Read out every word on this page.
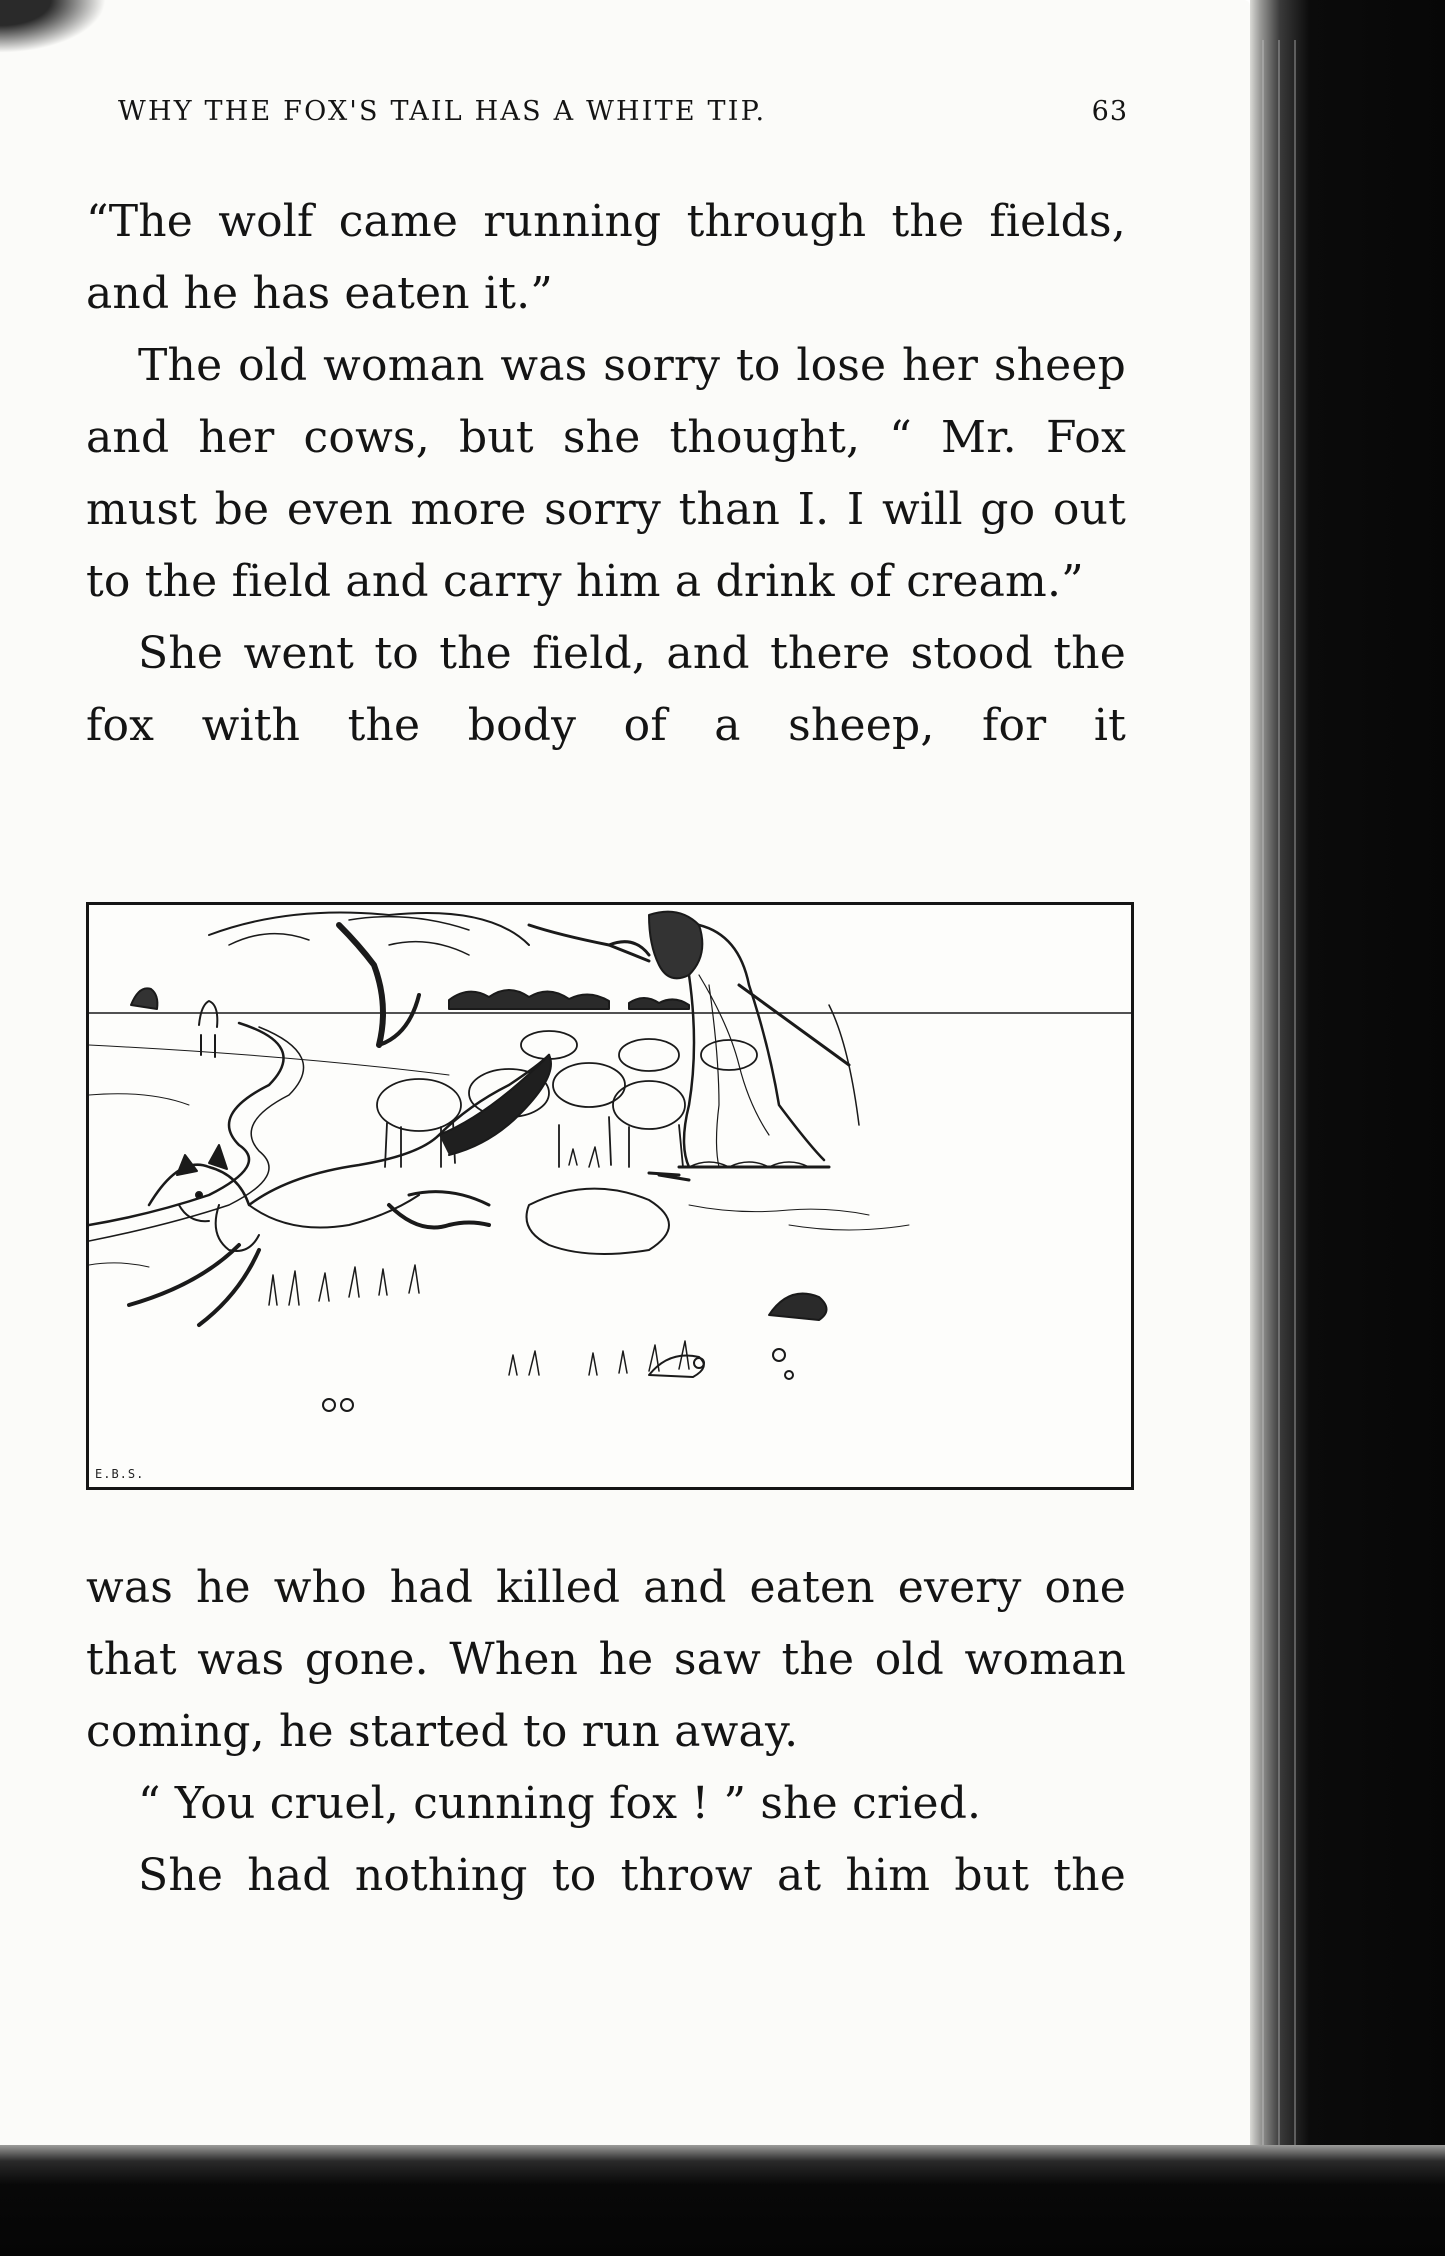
WHY THE FOX'S TAIL HAS A WHITE TIP.	63

“The wolf came running through the fields, and he has eaten it.”

The old woman was sorry to lose her sheep and her cows, but she thought, “ Mr. Fox must be even more sorry than I. I will go out to the field and carry him a drink of cream.”

She went to the field, and there stood the fox with the body of a sheep, for it

E.B.S.

was he who had killed and eaten every one that was gone. When he saw the old woman coming, he started to run away.

“ You cruel, cunning fox ! ” she cried.

She had nothing to throw at him but the
